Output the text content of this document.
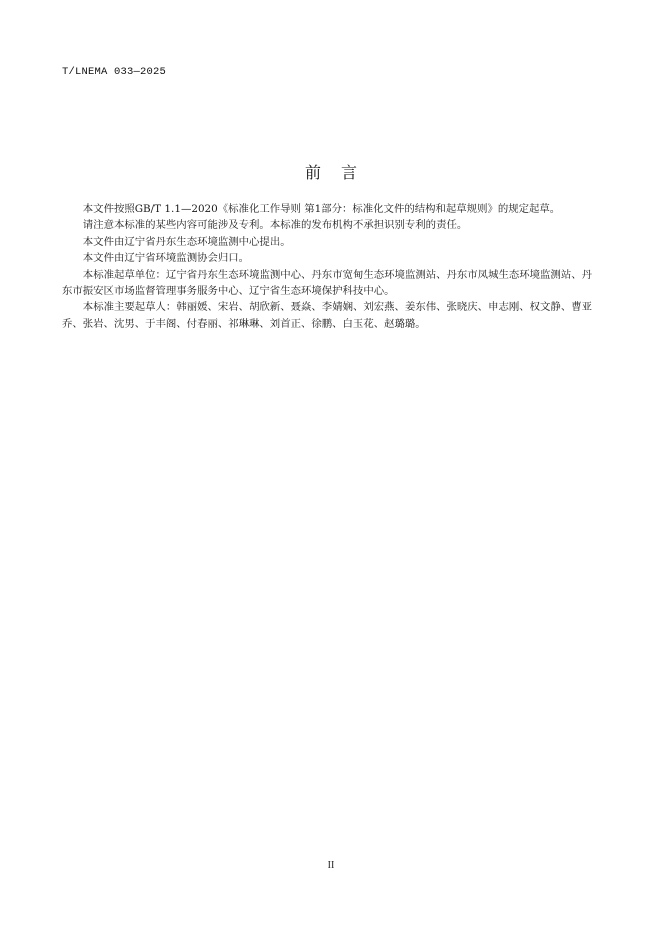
T/LNEMA 033—2025
前言

本文件按照GB/T 1.1—2020《标准化工作导则 第1部分：标准化文件的结构和起草规则》的规定起草。

请注意本标准的某些内容可能涉及专利。本标准的发布机构不承担识别专利的责任。

本文件由辽宁省丹东生态环境监测中心提出。

本文件由辽宁省环境监测协会归口。

本标准起草单位：辽宁省丹东生态环境监测中心、丹东市宽甸生态环境监测站、丹东市凤城生态环境监测站、丹东市振安区市场监督管理事务服务中心、辽宁省生态环境保护科技中心。

本标准主要起草人：韩丽媛、宋岩、胡欣新、聂焱、李婧娴、刘宏燕、姜东伟、张晓庆、申志刚、权文静、曹亚乔、张岩、沈男、于丰阁、付春丽、祁琳琳、刘首正、徐鹏、白玉花、赵璐璐。

II
